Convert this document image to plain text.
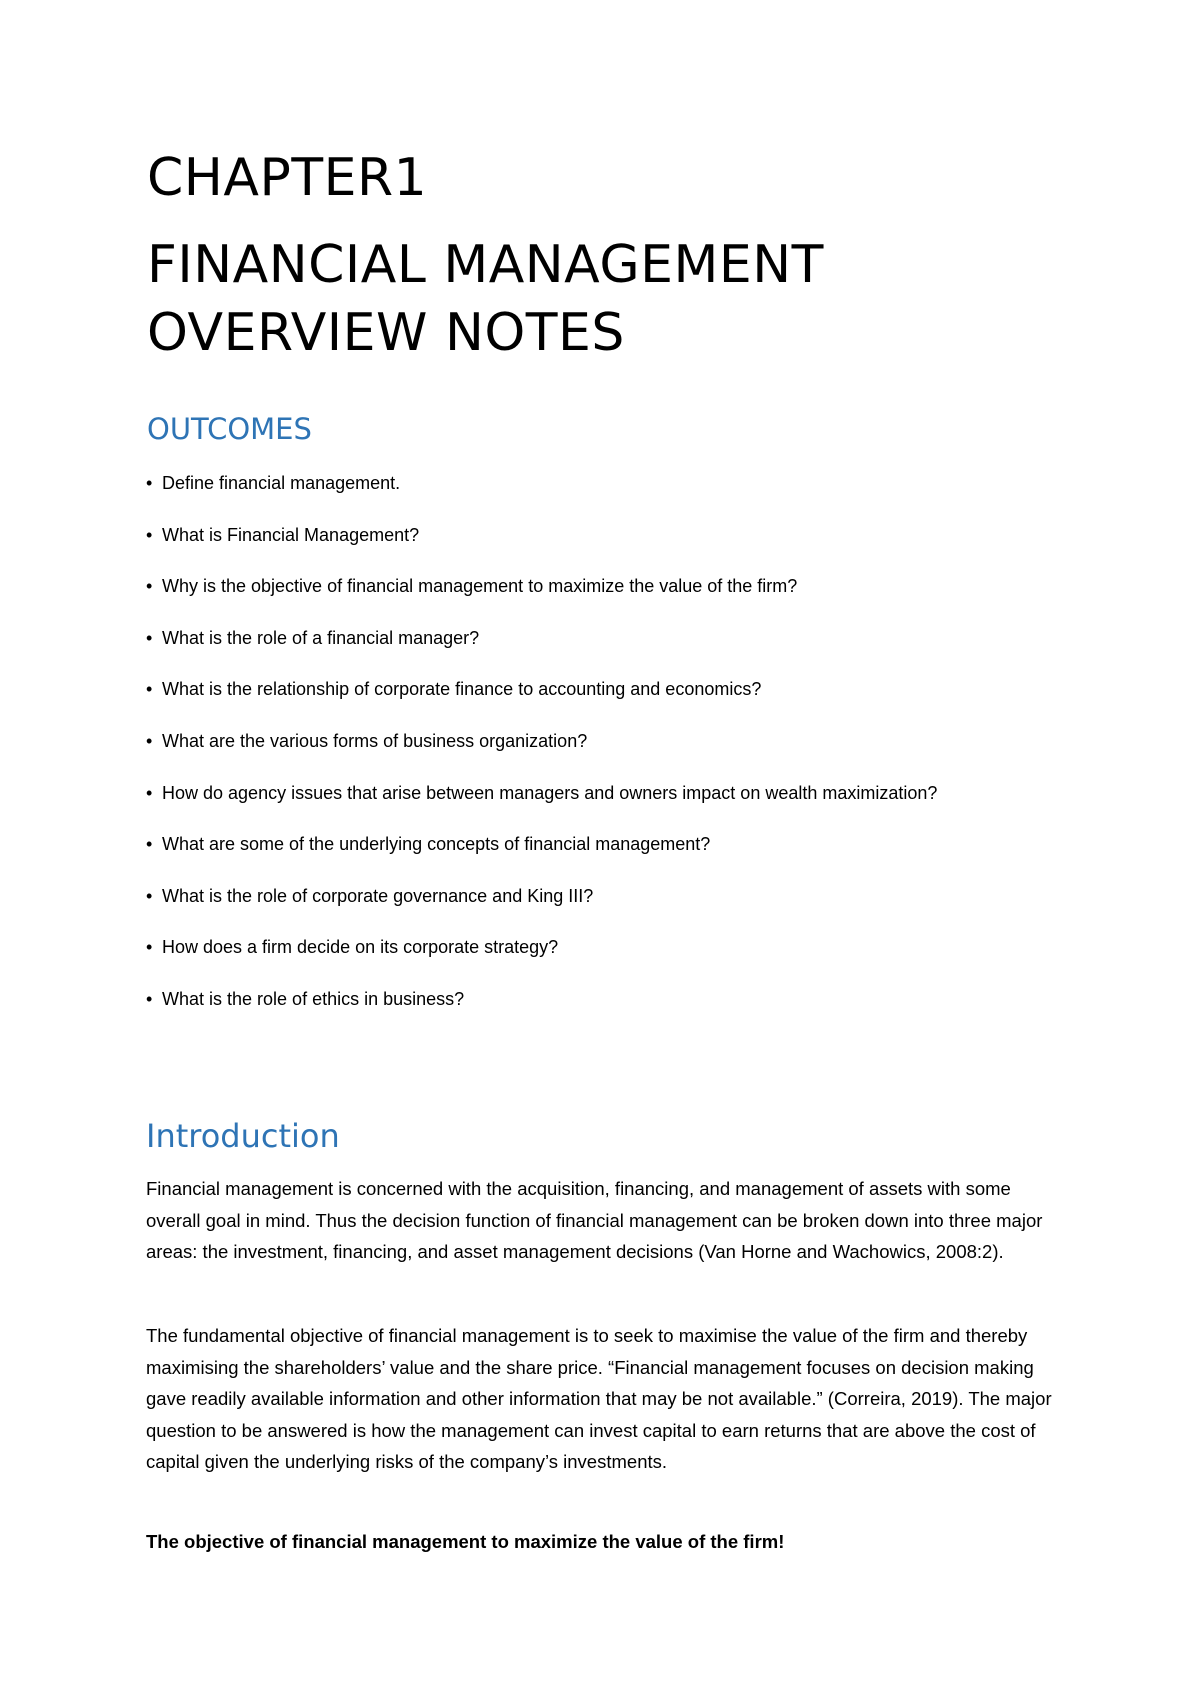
CHAPTER1
FINANCIAL MANAGEMENT
OVERVIEW NOTES
OUTCOMES
• Define financial management.
• What is Financial Management?
• Why is the objective of financial management to maximize the value of the firm?
• What is the role of a financial manager?
• What is the relationship of corporate finance to accounting and economics?
• What are the various forms of business organization?
• How do agency issues that arise between managers and owners impact on wealth maximization?
• What are some of the underlying concepts of financial management?
• What is the role of corporate governance and King III?
• How does a firm decide on its corporate strategy?
• What is the role of ethics in business?
Introduction

Financial management is concerned with the acquisition, financing, and management of assets with some overall goal in mind. Thus the decision function of financial management can be broken down into three major areas: the investment, financing, and asset management decisions (Van Horne and Wachowics, 2008:2).

The fundamental objective of financial management is to seek to maximise the value of the firm and thereby maximising the shareholders’ value and the share price. “Financial management focuses on decision making gave readily available information and other information that may be not available.” (Correira, 2019). The major question to be answered is how the management can invest capital to earn returns that are above the cost of capital given the underlying risks of the company’s investments.

The objective of financial management to maximize the value of the firm!
